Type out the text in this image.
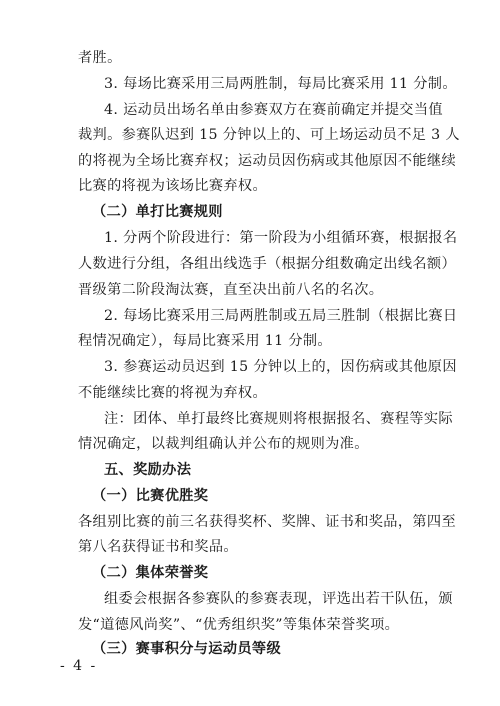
者胜。
3. 每场比赛采用三局两胜制，每局比赛采用 11 分制。
4. 运动员出场名单由参赛双方在赛前确定并提交当值
裁判。参赛队迟到 15 分钟以上的、可上场运动员不足 3 人
的将视为全场比赛弃权；运动员因伤病或其他原因不能继续
比赛的将视为该场比赛弃权。
（二）单打比赛规则
1. 分两个阶段进行：第一阶段为小组循环赛，根据报名
人数进行分组，各组出线选手（根据分组数确定出线名额）
晋级第二阶段淘汰赛，直至决出前八名的名次。
2. 每场比赛采用三局两胜制或五局三胜制（根据比赛日
程情况确定），每局比赛采用 11 分制。
3. 参赛运动员迟到 15 分钟以上的，因伤病或其他原因
不能继续比赛的将视为弃权。
注：团体、单打最终比赛规则将根据报名、赛程等实际
情况确定，以裁判组确认并公布的规则为准。
五、奖励办法
（一）比赛优胜奖
各组别比赛的前三名获得奖杯、奖牌、证书和奖品，第四至
第八名获得证书和奖品。
（二）集体荣誉奖
组委会根据各参赛队的参赛表现，评选出若干队伍，颁
发“道德风尚奖”、“优秀组织奖”等集体荣誉奖项。
（三）赛事积分与运动员等级
- 4 -
